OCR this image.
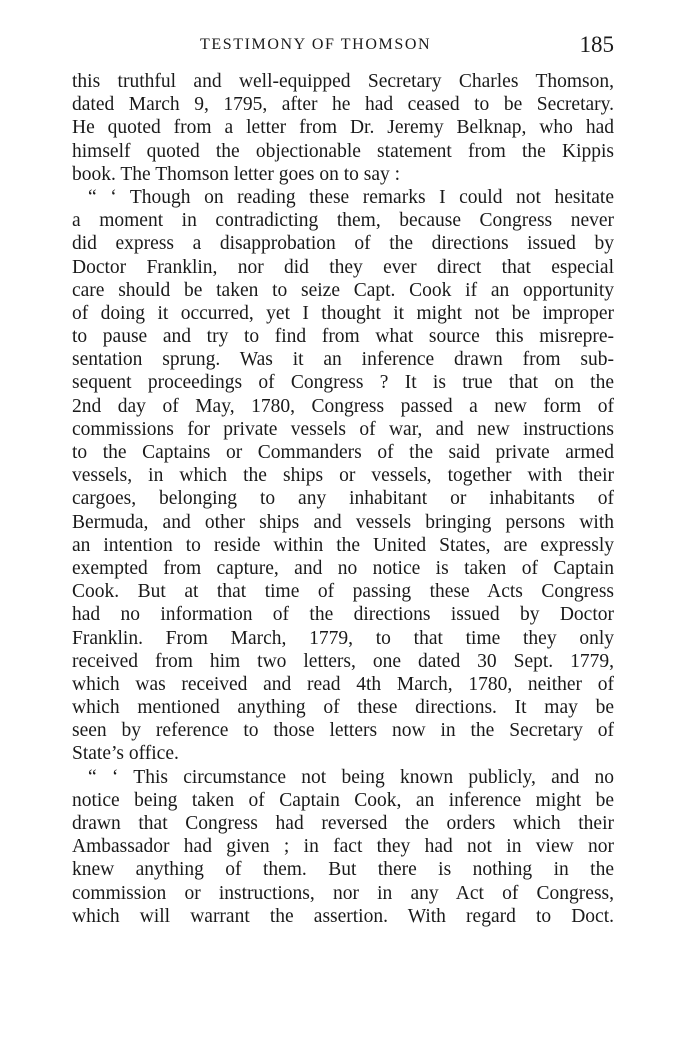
TESTIMONY OF THOMSON	185
this truthful and well-equipped Secretary Charles Thomson,
dated March 9, 1795, after he had ceased to be Secretary.
He quoted from a letter from Dr. Jeremy Belknap, who had
himself quoted the objectionable statement from the Kippis
book. The Thomson letter goes on to say :
“ ‘ Though on reading these remarks I could not hesitate
a moment in contradicting them, because Congress never
did express a disapprobation of the directions issued by
Doctor Franklin, nor did they ever direct that especial
care should be taken to seize Capt. Cook if an opportunity
of doing it occurred, yet I thought it might not be improper
to pause and try to find from what source this misrepre-
sentation sprung. Was it an inference drawn from sub-
sequent proceedings of Congress ? It is true that on the
2nd day of May, 1780, Congress passed a new form of
commissions for private vessels of war, and new instructions
to the Captains or Commanders of the said private armed
vessels, in which the ships or vessels, together with their
cargoes, belonging to any inhabitant or inhabitants of
Bermuda, and other ships and vessels bringing persons with
an intention to reside within the United States, are expressly
exempted from capture, and no notice is taken of Captain
Cook. But at that time of passing these Acts Congress
had no information of the directions issued by Doctor
Franklin. From March, 1779, to that time they only
received from him two letters, one dated 30 Sept. 1779,
which was received and read 4th March, 1780, neither of
which mentioned anything of these directions. It may be
seen by reference to those letters now in the Secretary of
State’s office.
“ ‘ This circumstance not being known publicly, and no
notice being taken of Captain Cook, an inference might be
drawn that Congress had reversed the orders which their
Ambassador had given ; in fact they had not in view nor
knew anything of them. But there is nothing in the
commission or instructions, nor in any Act of Congress,
which will warrant the assertion. With regard to Doct.
